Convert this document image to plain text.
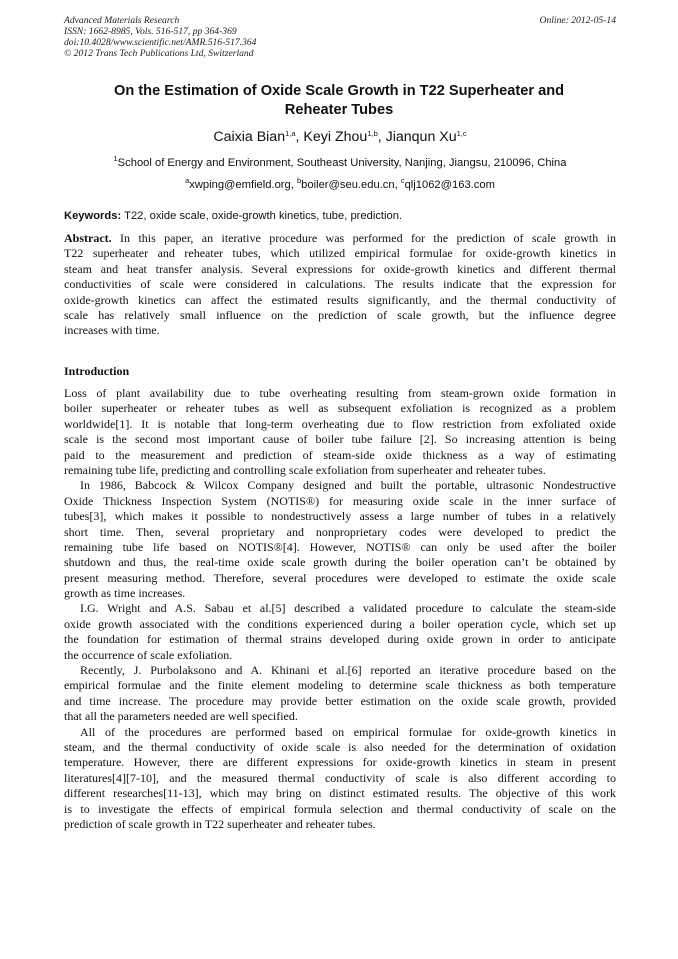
Advanced Materials Research
ISSN: 1662-8985, Vols. 516-517, pp 364-369
doi:10.4028/www.scientific.net/AMR.516-517.364
© 2012 Trans Tech Publications Ltd, Switzerland
Online: 2012-05-14
On the Estimation of Oxide Scale Growth in T22 Superheater and
Reheater Tubes
Caixia Bian$^{1,a}$, Keyi Zhou$^{1,b}$, Jianqun Xu$^{1,c}$
$^1$School of Energy and Environment, Southeast University, Nanjing, Jiangsu, 210096, China
$^a$xwping@emfield.org, $^b$boiler@seu.edu.cn, $^c$qlj1062@163.com
Keywords: T22, oxide scale, oxide-growth kinetics, tube, prediction.
Abstract. In this paper, an iterative procedure was performed for the prediction of scale growth in
T22 superheater and reheater tubes, which utilized empirical formulae for oxide-growth kinetics in
steam and heat transfer analysis. Several expressions for oxide-growth kinetics and different thermal
conductivities of scale were considered in calculations. The results indicate that the expression for
oxide-growth kinetics can affect the estimated results significantly, and the thermal conductivity of
scale has relatively small influence on the prediction of scale growth, but the influence degree
increases with time.
Introduction
Loss of plant availability due to tube overheating resulting from steam-grown oxide formation in
boiler superheater or reheater tubes as well as subsequent exfoliation is recognized as a problem
worldwide[1]. It is notable that long-term overheating due to flow restriction from exfoliated oxide
scale is the second most important cause of boiler tube failure [2]. So increasing attention is being
paid to the measurement and prediction of steam-side oxide thickness as a way of estimating
remaining tube life, predicting and controlling scale exfoliation from superheater and reheater tubes.
In 1986, Babcock & Wilcox Company designed and built the portable, ultrasonic Nondestructive
Oxide Thickness Inspection System (NOTIS®) for measuring oxide scale in the inner surface of
tubes[3], which makes it possible to nondestructively assess a large number of tubes in a relatively
short time. Then, several proprietary and nonproprietary codes were developed to predict the
remaining tube life based on NOTIS®[4]. However, NOTIS® can only be used after the boiler
shutdown and thus, the real-time oxide scale growth during the boiler operation can’t be obtained by
present measuring method. Therefore, several procedures were developed to estimate the oxide scale
growth as time increases.
I.G. Wright and A.S. Sabau et al.[5] described a validated procedure to calculate the steam-side
oxide growth associated with the conditions experienced during a boiler operation cycle, which set up
the foundation for estimation of thermal strains developed during oxide grown in order to anticipate
the occurrence of scale exfoliation.
Recently, J. Purbolaksono and A. Khinani et al.[6] reported an iterative procedure based on the
empirical formulae and the finite element modeling to determine scale thickness as both temperature
and time increase. The procedure may provide better estimation on the oxide scale growth, provided
that all the parameters needed are well specified.
All of the procedures are performed based on empirical formulae for oxide-growth kinetics in
steam, and the thermal conductivity of oxide scale is also needed for the determination of oxidation
temperature. However, there are different expressions for oxide-growth kinetics in steam in present
literatures[4][7-10], and the measured thermal conductivity of scale is also different according to
different researches[11-13], which may bring on distinct estimated results. The objective of this work
is to investigate the effects of empirical formula selection and thermal conductivity of scale on the
prediction of scale growth in T22 superheater and reheater tubes.
